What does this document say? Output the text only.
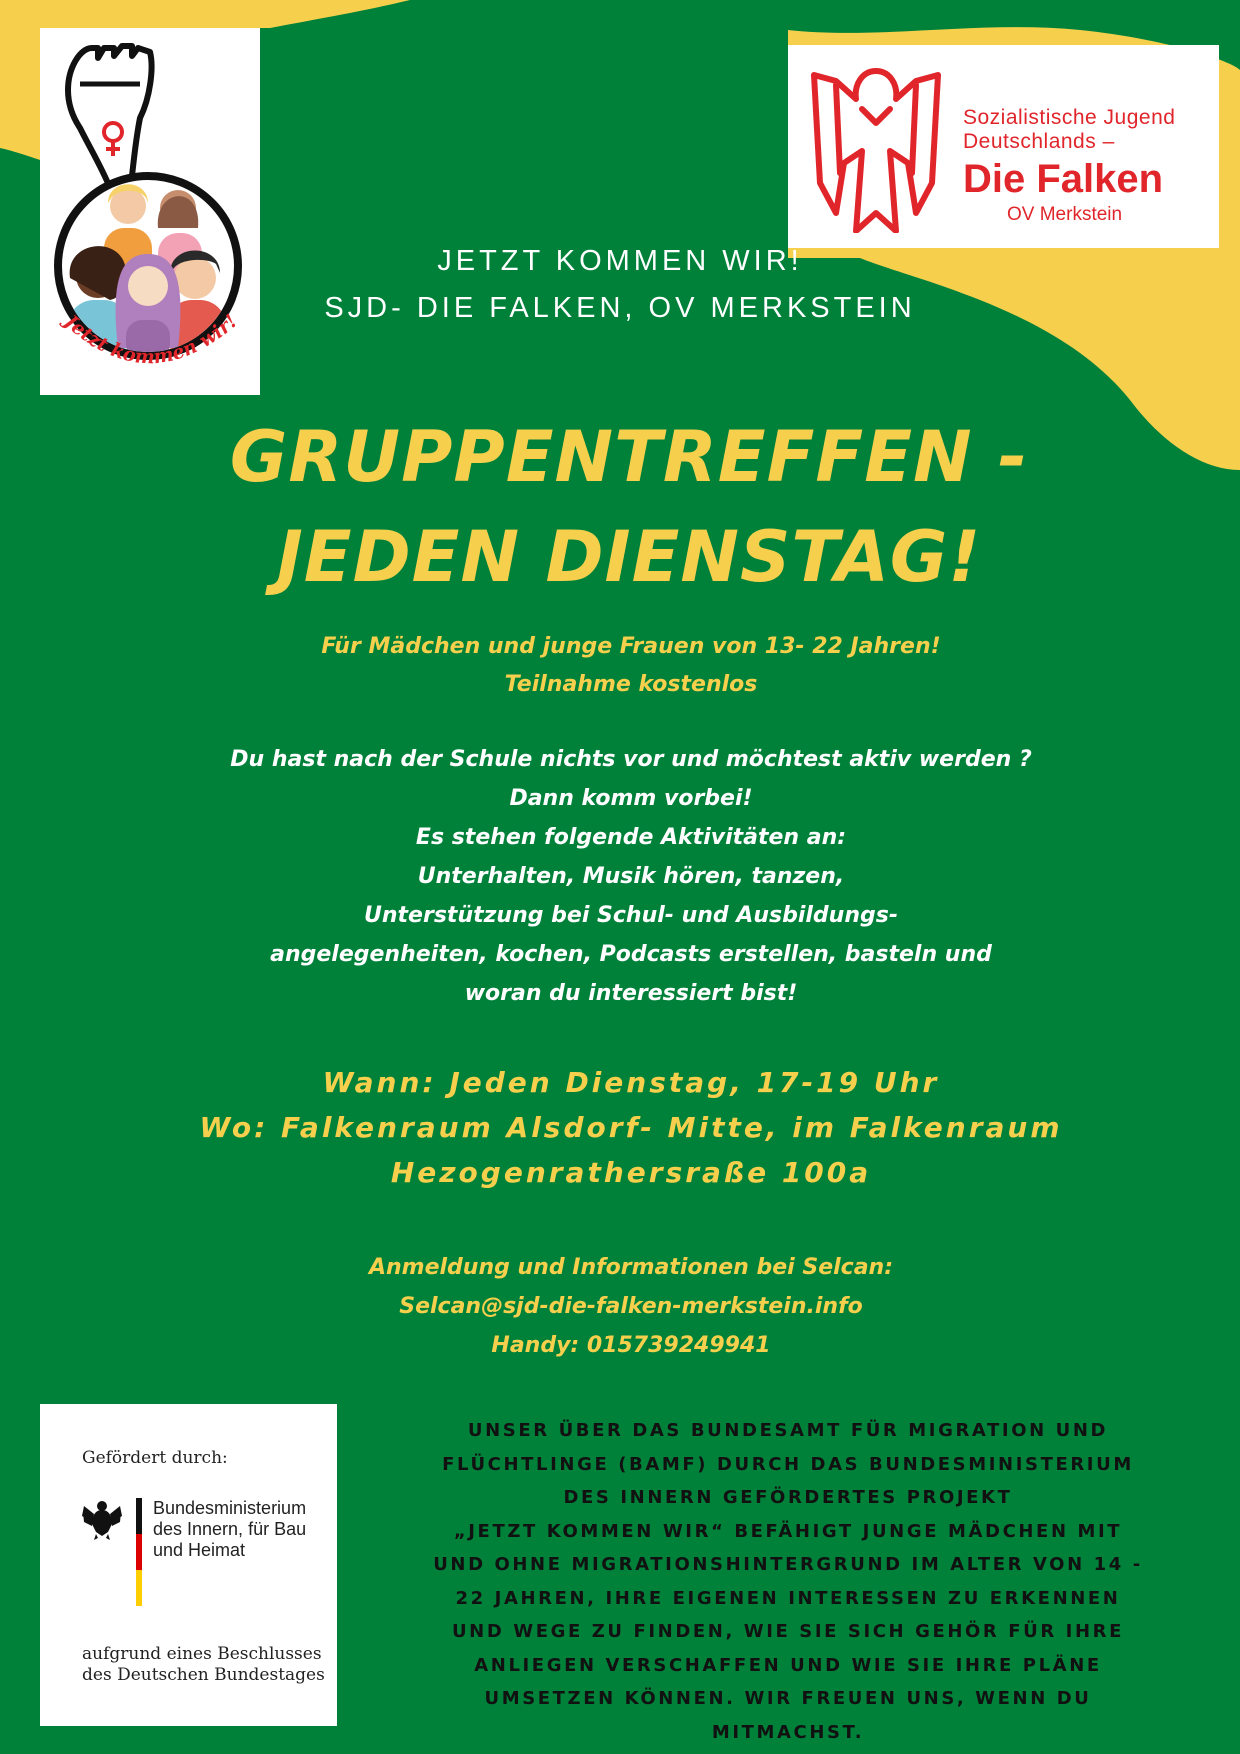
Jetzt kommen wir!
Sozialistische Jugend
Deutschlands –
Die Falken
OV Merkstein
JETZT KOMMEN WIR!
SJD- DIE FALKEN, OV MERKSTEIN
GRUPPENTREFFEN -
JEDEN DIENSTAG!
Für Mädchen und junge Frauen von 13- 22 Jahren!
Teilnahme kostenlos
Du hast nach der Schule nichts vor und möchtest aktiv werden ?
Dann komm vorbei!
Es stehen folgende Aktivitäten an:
Unterhalten, Musik hören, tanzen,
Unterstützung bei Schul- und Ausbildungs-
angelegenheiten, kochen, Podcasts erstellen, basteln und
woran du interessiert bist!
Wann: Jeden Dienstag, 17-19 Uhr
Wo: Falkenraum Alsdorf- Mitte, im Falkenraum
Hezogenrathersraße 100a
Anmeldung und Informationen bei Selcan:
Selcan@sjd-die-falken-merkstein.info
Handy: 015739249941
Gefördert durch:
Bundesministerium
des Innern, für Bau
und Heimat
aufgrund eines Beschlusses
des Deutschen Bundestages
UNSER ÜBER DAS BUNDESAMT FÜR MIGRATION UND
FLÜCHTLINGE (BAMF) DURCH DAS BUNDESMINISTERIUM
DES INNERN GEFÖRDERTES PROJEKT
„JETZT KOMMEN WIR“ BEFÄHIGT JUNGE MÄDCHEN MIT
UND OHNE MIGRATIONSHINTERGRUND IM ALTER VON 14 -
22 JAHREN, IHRE EIGENEN INTERESSEN ZU ERKENNEN
UND WEGE ZU FINDEN, WIE SIE SICH GEHÖR FÜR IHRE
ANLIEGEN VERSCHAFFEN UND WIE SIE IHRE PLÄNE
UMSETZEN KÖNNEN. WIR FREUEN UNS, WENN DU
MITMACHST.
